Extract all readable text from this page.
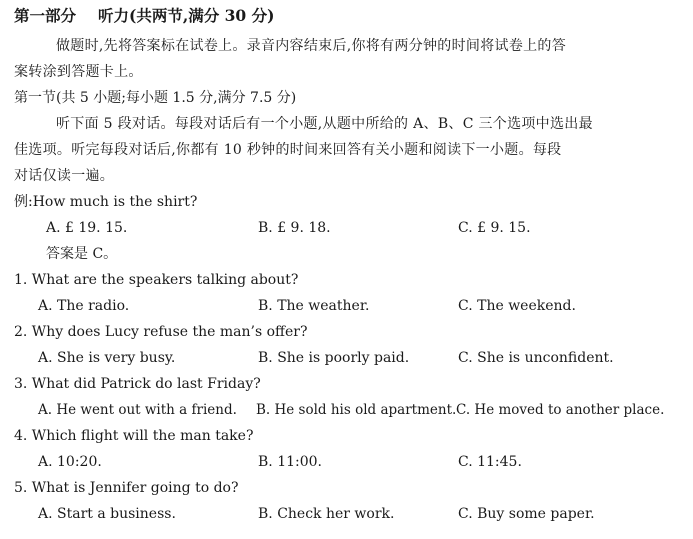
第一部分 听力(共两节,满分 30 分)
做题时,先将答案标在试卷上。录音内容结束后,你将有两分钟的时间将试卷上的答
案转涂到答题卡上。
第一节(共 5 小题;每小题 1.5 分,满分 7.5 分)
听下面 5 段对话。每段对话后有一个小题,从题中所给的 A、B、C 三个选项中选出最
佳选项。听完每段对话后,你都有 10 秒钟的时间来回答有关小题和阅读下一小题。每段
对话仅读一遍。
例:How much is the shirt?
A. £ 19. 15.	B. £ 9. 18.	C. £ 9. 15.
答案是 C。
1. What are the speakers talking about?
A. The radio.	B. The weather.	C. The weekend.
2. Why does Lucy refuse the man’s offer?
A. She is very busy.	B. She is poorly paid.	C. She is unconfident.
3. What did Patrick do last Friday?
A. He went out with a friend. B. He sold his old apartment. C. He moved to another place.
4. Which flight will the man take?
A. 10:20.	B. 11:00.	C. 11:45.
5. What is Jennifer going to do?
A. Start a business.	B. Check her work.	C. Buy some paper.
